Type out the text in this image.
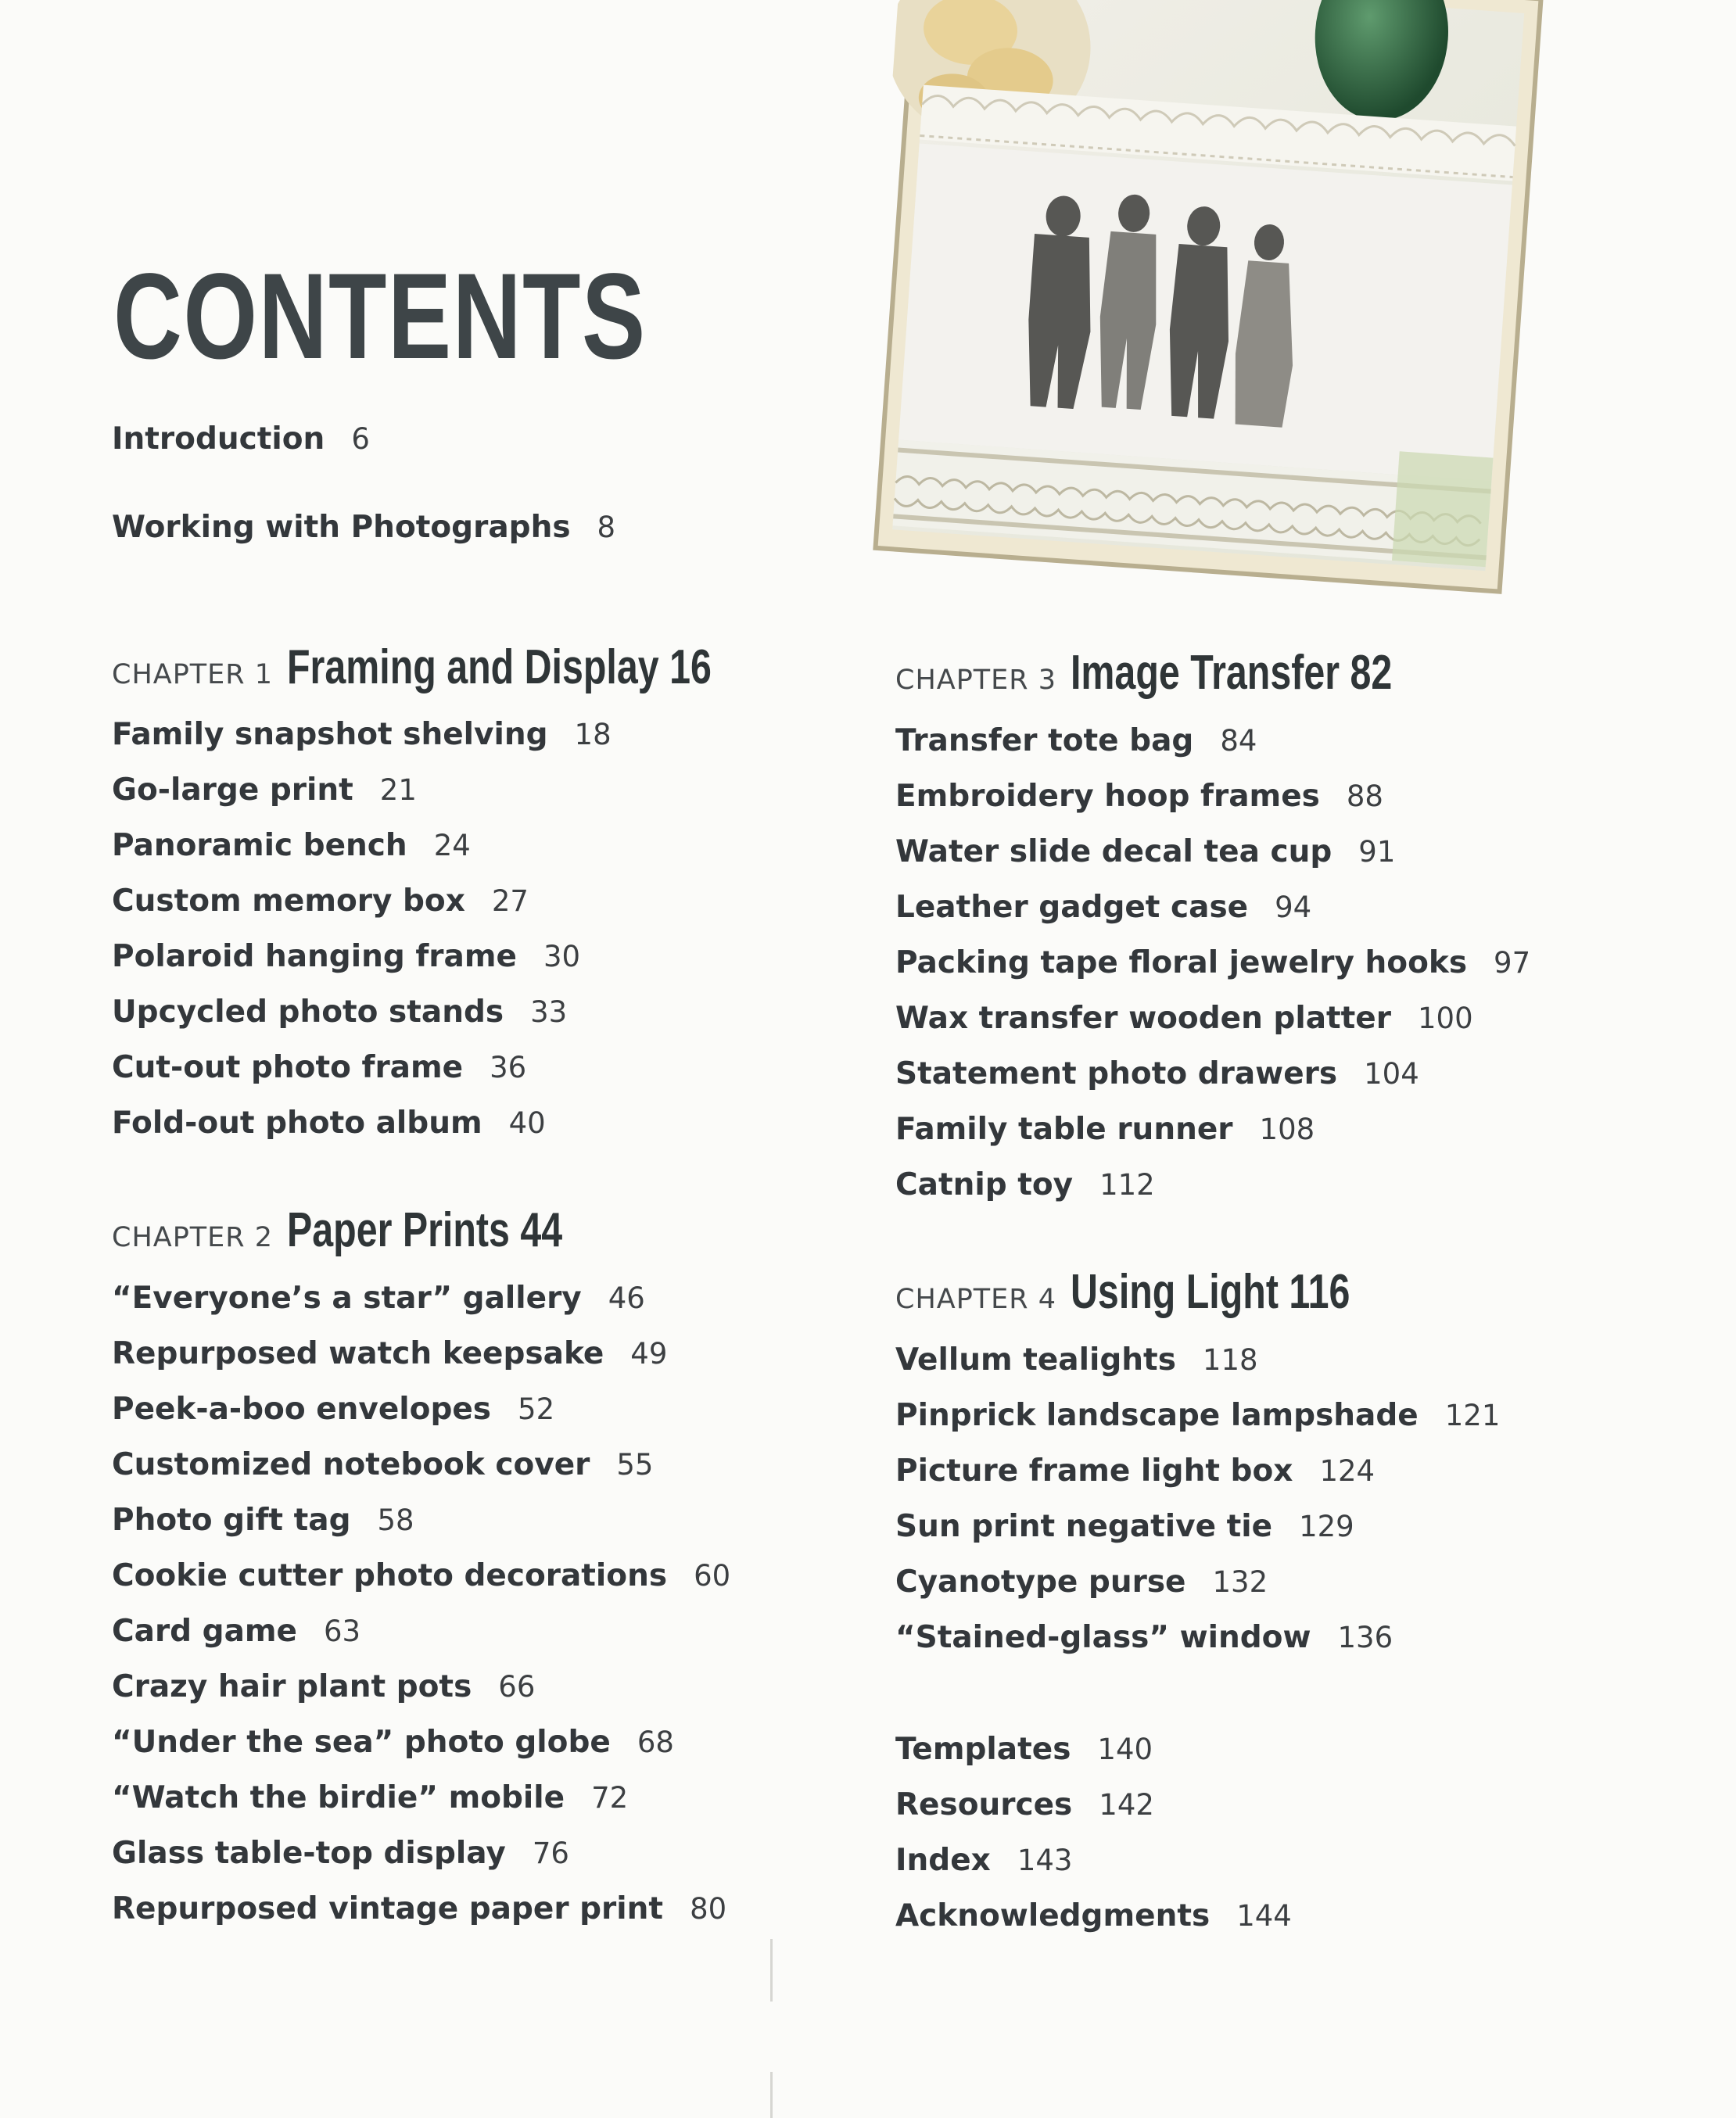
CONTENTS
Introduction 6
Working with Photographs 8
CHAPTER 1 Framing and Display 16
Family snapshot shelving 18
Go-large print 21
Panoramic bench 24
Custom memory box 27
Polaroid hanging frame 30
Upcycled photo stands 33
Cut-out photo frame 36
Fold-out photo album 40
CHAPTER 2 Paper Prints 44
“Everyone’s a star” gallery 46
Repurposed watch keepsake 49
Peek-a-boo envelopes 52
Customized notebook cover 55
Photo gift tag 58
Cookie cutter photo decorations 60
Card game 63
Crazy hair plant pots 66
“Under the sea” photo globe 68
“Watch the birdie” mobile 72
Glass table-top display 76
Repurposed vintage paper print 80
CHAPTER 3 Image Transfer 82
Transfer tote bag 84
Embroidery hoop frames 88
Water slide decal tea cup 91
Leather gadget case 94
Packing tape floral jewelry hooks 97
Wax transfer wooden platter 100
Statement photo drawers 104
Family table runner 108
Catnip toy 112
CHAPTER 4 Using Light 116
Vellum tealights 118
Pinprick landscape lampshade 121
Picture frame light box 124
Sun print negative tie 129
Cyanotype purse 132
“Stained-glass” window 136
Templates 140
Resources 142
Index 143
Acknowledgments 144
